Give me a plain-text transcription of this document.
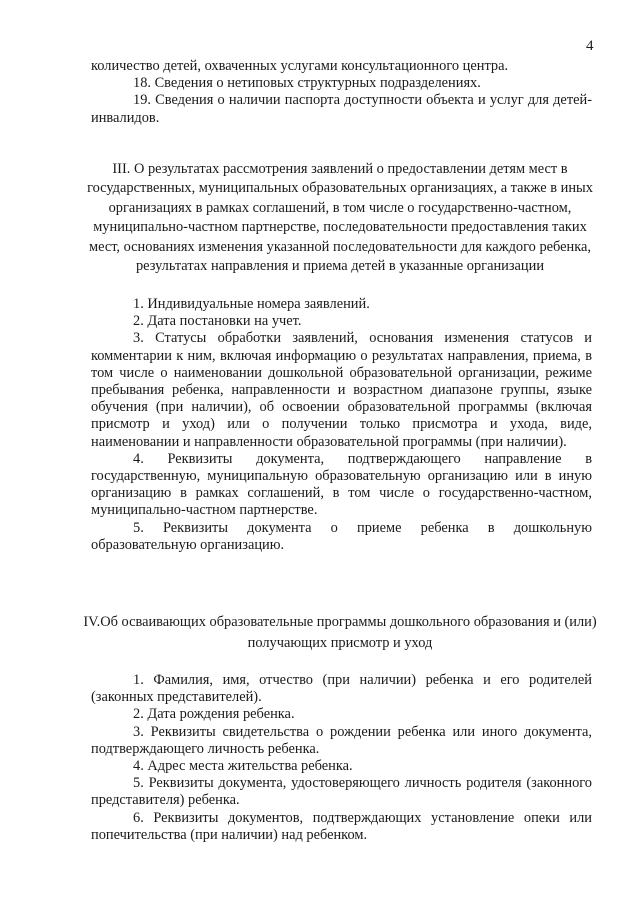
4

количество детей, охваченных услугами консультационного центра.

18. Сведения о нетиповых структурных подразделениях.

19. Сведения о наличии паспорта доступности объекта и услуг для детей-инвалидов.

III. О результатах рассмотрения заявлений о предоставлении детям мест в государственных, муниципальных образовательных организациях, а также в иных организациях в рамках соглашений, в том числе о государственно-частном, муниципально-частном партнерстве, последовательности предоставления таких мест, основаниях изменения указанной последовательности для каждого ребенка, результатах направления и приема детей в указанные организации

1. Индивидуальные номера заявлений.

2. Дата постановки на учет.

3. Статусы обработки заявлений, основания изменения статусов и комментарии к ним, включая информацию о результатах направления, приема, в том числе о наименовании дошкольной образовательной организации, режиме пребывания ребенка, направленности и возрастном диапазоне группы, языке обучения (при наличии), об освоении образовательной программы (включая присмотр и уход) или о получении только присмотра и ухода, виде, наименовании и направленности образовательной программы (при наличии).

4. Реквизиты документа, подтверждающего направление в государственную, муниципальную образовательную организацию или в иную организацию в рамках соглашений, в том числе о государственно-частном, муниципально-частном партнерстве.

5. Реквизиты документа о приеме ребенка в дошкольную образовательную организацию.

IV.Об осваивающих образовательные программы дошкольного образования и (или) получающих присмотр и уход

1. Фамилия, имя, отчество (при наличии) ребенка и его родителей (законных представителей).

2. Дата рождения ребенка.

3. Реквизиты свидетельства о рождении ребенка или иного документа, подтверждающего личность ребенка.

4. Адрес места жительства ребенка.

5. Реквизиты документа, удостоверяющего личность родителя (законного представителя) ребенка.

6. Реквизиты документов, подтверждающих установление опеки или попечительства (при наличии) над ребенком.
